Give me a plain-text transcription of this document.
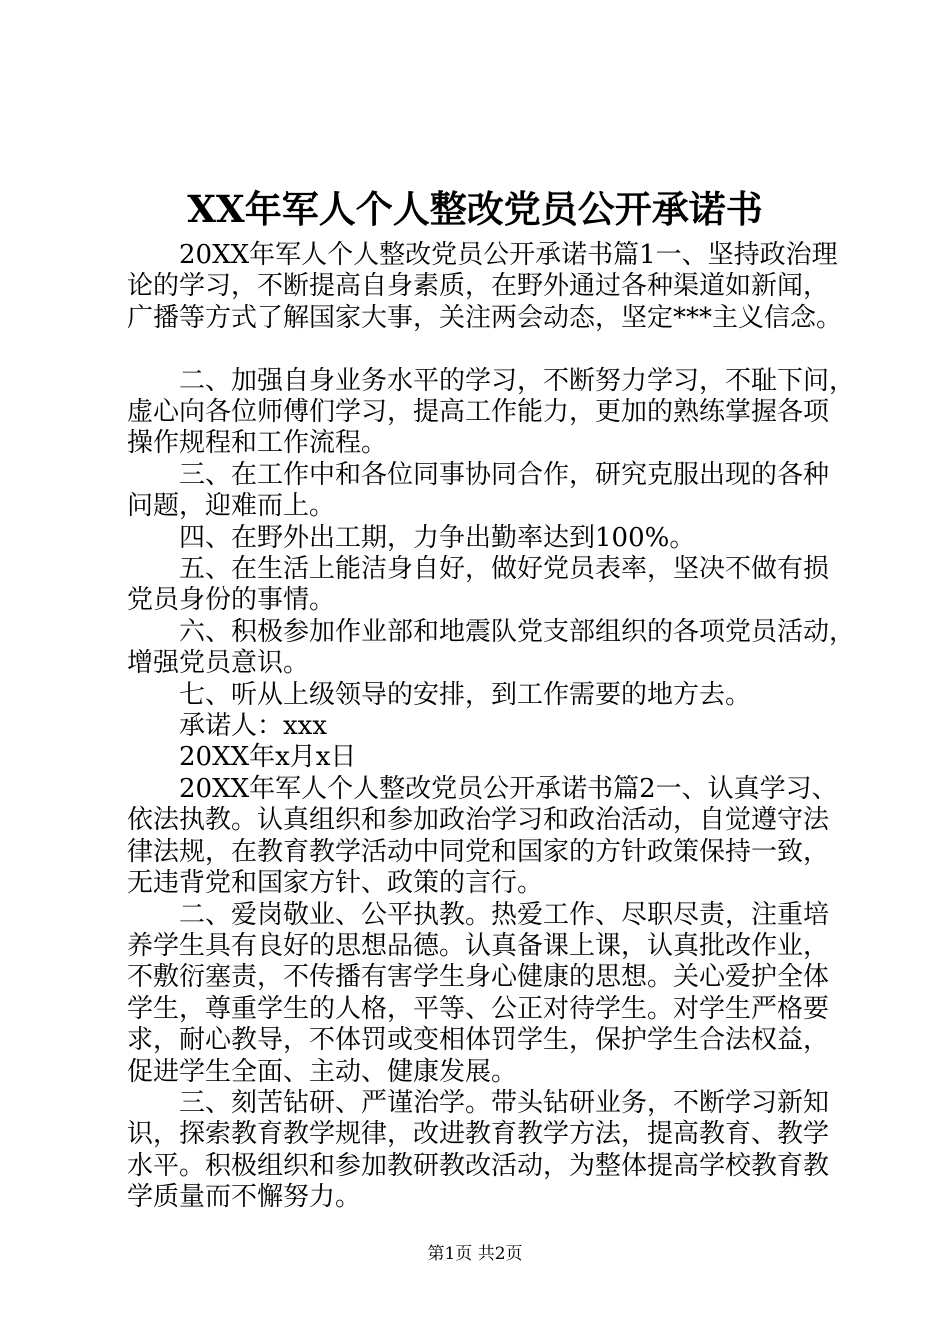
XX年军人个人整改党员公开承诺书

20XX年军人个人整改党员公开承诺书篇1一、坚持政治理

论的学习，不断提高自身素质，在野外通过各种渠道如新闻，

广播等方式了解国家大事，关注两会动态，坚定***主义信念。

二、加强自身业务水平的学习，不断努力学习，不耻下问，

虚心向各位师傅们学习，提高工作能力，更加的熟练掌握各项

操作规程和工作流程。

三、在工作中和各位同事协同合作，研究克服出现的各种

问题，迎难而上。

四、在野外出工期，力争出勤率达到100%。

五、在生活上能洁身自好，做好党员表率，坚决不做有损

党员身份的事情。

六、积极参加作业部和地震队党支部组织的各项党员活动，

增强党员意识。

七、听从上级领导的安排，到工作需要的地方去。

承诺人：xxx

20XX年x月x日

20XX年军人个人整改党员公开承诺书篇2一、认真学习、

依法执教。认真组织和参加政治学习和政治活动，自觉遵守法

律法规，在教育教学活动中同党和国家的方针政策保持一致，

无违背党和国家方针、政策的言行。

二、爱岗敬业、公平执教。热爱工作、尽职尽责，注重培

养学生具有良好的思想品德。认真备课上课，认真批改作业，

不敷衍塞责，不传播有害学生身心健康的思想。关心爱护全体

学生，尊重学生的人格，平等、公正对待学生。对学生严格要

求，耐心教导，不体罚或变相体罚学生，保护学生合法权益，

促进学生全面、主动、健康发展。

三、刻苦钻研、严谨治学。带头钻研业务，不断学习新知

识，探索教育教学规律，改进教育教学方法，提高教育、教学

水平。积极组织和参加教研教改活动，为整体提高学校教育教

学质量而不懈努力。

第1页 共2页
